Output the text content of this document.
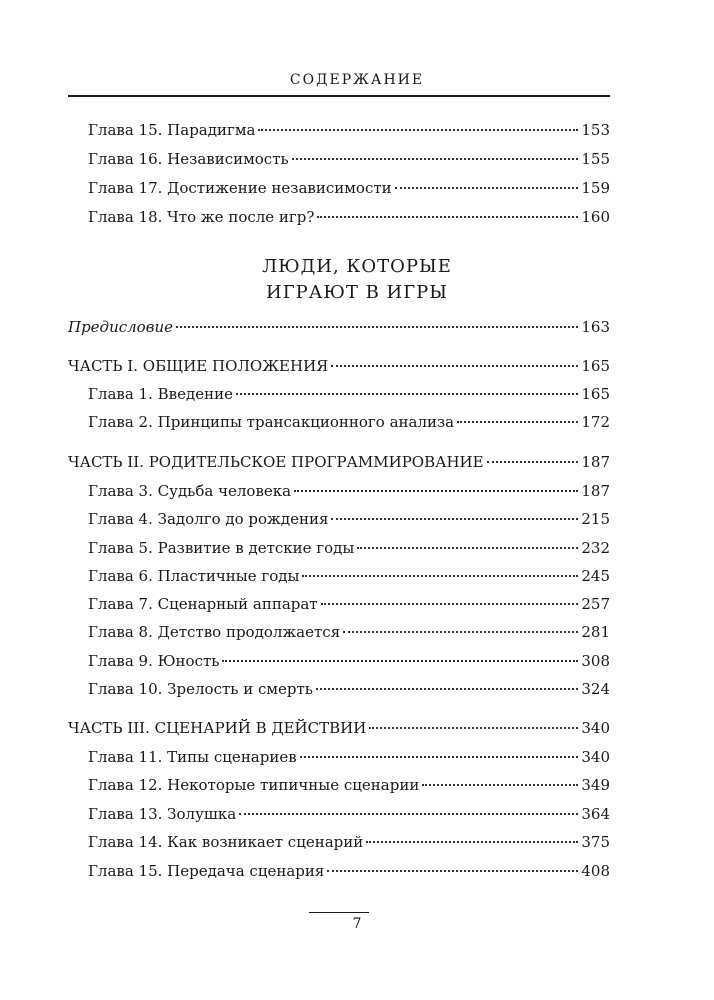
СОДЕРЖАНИЕ
Глава 15. Парадигма	153
Глава 16. Независимость	155
Глава 17. Достижение независимости	159
Глава 18. Что же после игр?	160
ЛЮДИ, КОТОРЫЕ
ИГРАЮТ В ИГРЫ
Предисловие	163
ЧАСТЬ I. ОБЩИЕ ПОЛОЖЕНИЯ	165
Глава 1. Введение	165
Глава 2. Принципы трансакционного анализа	172
ЧАСТЬ II. РОДИТЕЛЬСКОЕ ПРОГРАММИРОВАНИЕ	187
Глава 3. Судьба человека	187
Глава 4. Задолго до рождения	215
Глава 5. Развитие в детские годы	232
Глава 6. Пластичные годы	245
Глава 7. Сценарный аппарат	257
Глава 8. Детство продолжается	281
Глава 9. Юность	308
Глава 10. Зрелость и смерть	324
ЧАСТЬ III. СЦЕНАРИЙ В ДЕЙСТВИИ	340
Глава 11. Типы сценариев	340
Глава 12. Некоторые типичные сценарии	349
Глава 13. Золушка	364
Глава 14. Как возникает сценарий	375
Глава 15. Передача сценария	408
7
